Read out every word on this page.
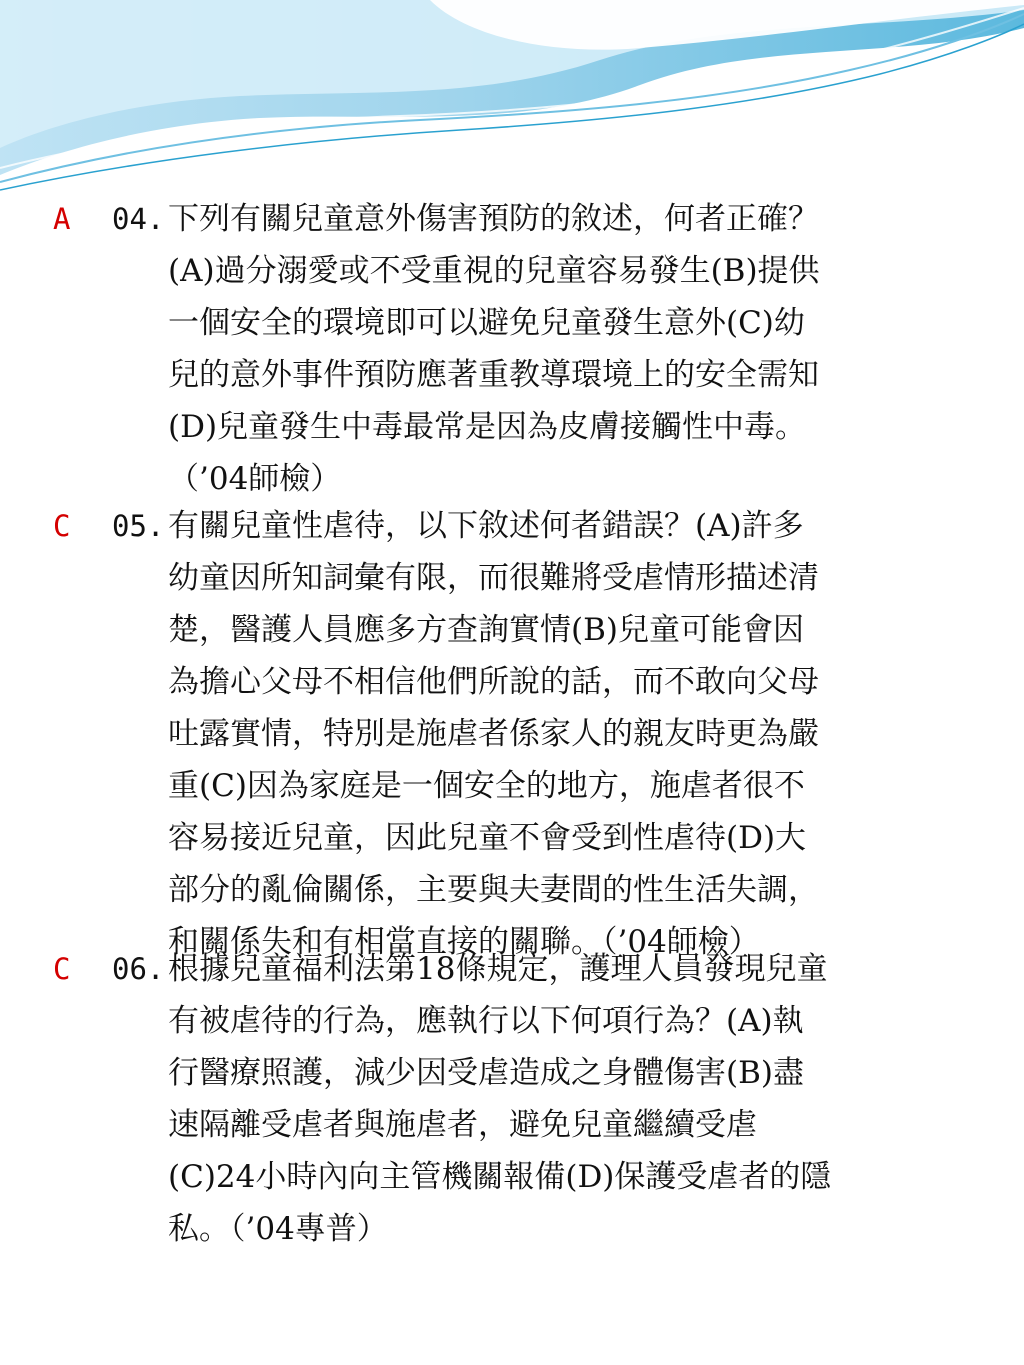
A 04. 下列有關兒童意外傷害預防的敘述，何者正確？
(A)過分溺愛或不受重視的兒童容易發生(B)提供
一個安全的環境即可以避免兒童發生意外(C)幼
兒的意外事件預防應著重教導環境上的安全需知
(D)兒童發生中毒最常是因為皮膚接觸性中毒。
（’04師檢）
C 05. 有關兒童性虐待，以下敘述何者錯誤？(A)許多
幼童因所知詞彙有限，而很難將受虐情形描述清
楚，醫護人員應多方查詢實情(B)兒童可能會因
為擔心父母不相信他們所說的話，而不敢向父母
吐露實情，特別是施虐者係家人的親友時更為嚴
重(C)因為家庭是一個安全的地方，施虐者很不
容易接近兒童，因此兒童不會受到性虐待(D)大
部分的亂倫關係，主要與夫妻間的性生活失調，
和關係失和有相當直接的關聯。（’04師檢）
C 06. 根據兒童福利法第18條規定，護理人員發現兒童
有被虐待的行為，應執行以下何項行為？(A)執
行醫療照護，減少因受虐造成之身體傷害(B)盡
速隔離受虐者與施虐者，避免兒童繼續受虐
(C)24小時內向主管機關報備(D)保護受虐者的隱
私。（’04專普）
